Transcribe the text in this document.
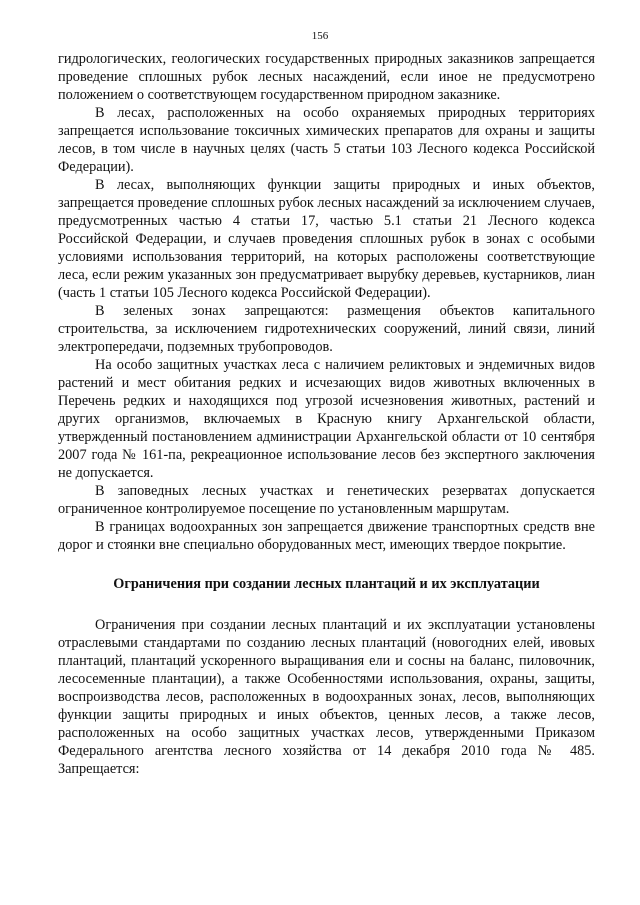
156

гидрологических, геологических государственных природных заказников запрещается проведение сплошных рубок лесных насаждений, если иное не предусмотрено положением о соответствующем государственном природном заказнике.

В лесах, расположенных на особо охраняемых природных территориях запрещается использование токсичных химических препаратов для охраны и защиты лесов, в том числе в научных целях (часть 5 статьи 103 Лесного кодекса Российской Федерации).

В лесах, выполняющих функции защиты природных и иных объектов, запрещается проведение сплошных рубок лесных насаждений за исключением случаев, предусмотренных частью 4 статьи 17, частью 5.1 статьи 21 Лесного кодекса Российской Федерации, и случаев проведения сплошных рубок в зонах с особыми условиями использования территорий, на которых расположены соответствующие леса, если режим указанных зон предусматривает вырубку деревьев, кустарников, лиан (часть 1 статьи 105 Лесного кодекса Российской Федерации).

В зеленых зонах запрещаются: размещения объектов капитального строительства, за исключением гидротехнических сооружений, линий связи, линий электропередачи, подземных трубопроводов.

На особо защитных участках леса с наличием реликтовых и эндемичных видов растений и мест обитания редких и исчезающих видов животных включенных в Перечень редких и находящихся под угрозой исчезновения животных, растений и других организмов, включаемых в Красную книгу Архангельской области, утвержденный постановлением администрации Архангельской области от 10 сентября 2007 года № 161-па, рекреационное использование лесов без экспертного заключения не допускается.

В заповедных лесных участках и генетических резерватах допускается ограниченное контролируемое посещение по установленным маршрутам.

В границах водоохранных зон запрещается движение транспортных средств вне дорог и стоянки вне специально оборудованных мест, имеющих твердое покрытие.

Ограничения при создании лесных плантаций и их эксплуатации

Ограничения при создании лесных плантаций и их эксплуатации установлены отраслевыми стандартами по созданию лесных плантаций (новогодних елей, ивовых плантаций, плантаций ускоренного выращивания ели и сосны на баланс, пиловочник, лесосеменные плантации), а также Особенностями использования, охраны, защиты, воспроизводства лесов, расположенных в водоохранных зонах, лесов, выполняющих функции защиты природных и иных объектов, ценных лесов, а также лесов, расположенных на особо защитных участках лесов, утвержденными Приказом Федерального агентства лесного хозяйства от 14 декабря 2010 года № 485. Запрещается:
